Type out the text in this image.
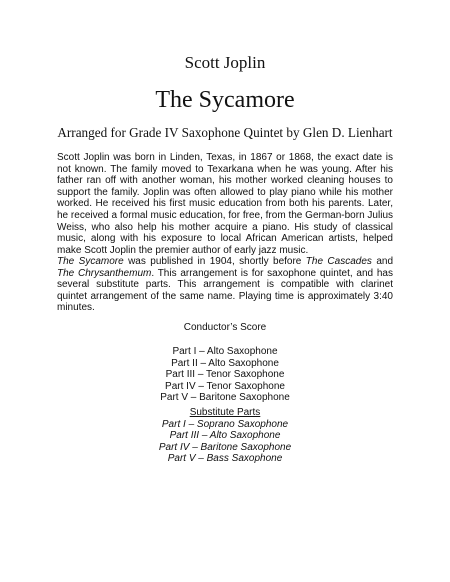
Scott Joplin
The Sycamore
Arranged for Grade IV Saxophone Quintet by Glen D. Lienhart

Scott Joplin was born in Linden, Texas, in 1867 or 1868, the exact date is not known. The family moved to Texarkana when he was young. After his father ran off with another woman, his mother worked cleaning houses to support the family. Joplin was often allowed to play piano while his mother worked. He received his first music education from both his parents. Later, he received a formal music education, for free, from the German-born Julius Weiss, who also help his mother acquire a piano. His study of classical music, along with his exposure to local African American artists, helped make Scott Joplin the premier author of early jazz music.

The Sycamore was published in 1904, shortly before The Cascades and The Chrysanthemum. This arrangement is for saxophone quintet, and has several substitute parts. This arrangement is compatible with clarinet quintet arrangement of the same name. Playing time is approximately 3:40 minutes.

Conductor’s Score
Part I – Alto Saxophone
Part II – Alto Saxophone
Part III – Tenor Saxophone
Part IV – Tenor Saxophone
Part V – Baritone Saxophone
Substitute Parts
Part I – Soprano Saxophone
Part III – Alto Saxophone
Part IV – Baritone Saxophone
Part V – Bass Saxophone
